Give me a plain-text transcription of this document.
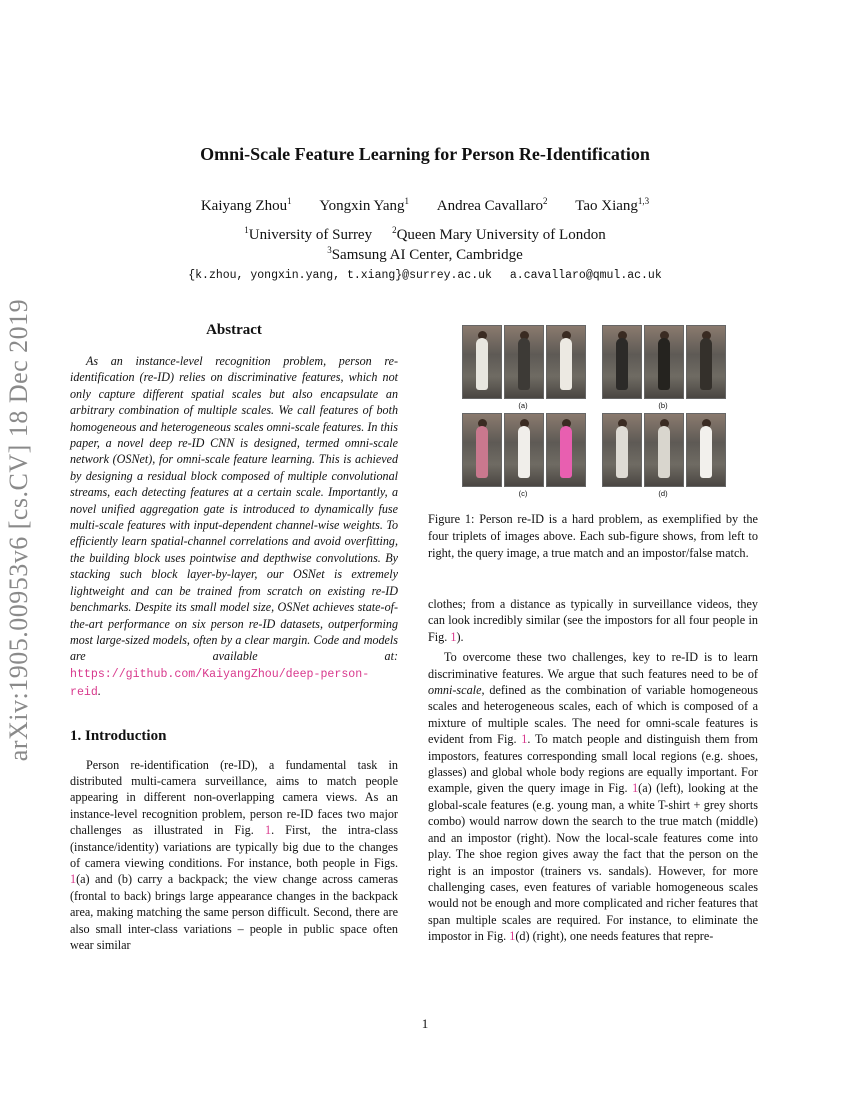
arXiv:1905.00953v6 [cs.CV] 18 Dec 2019
Omni-Scale Feature Learning for Person Re-Identification
Kaiyang Zhou$^1$ Yongxin Yang$^1$ Andrea Cavallaro$^2$ Tao Xiang$^{1,3}$
$^1$University of Surrey $^2$Queen Mary University of London
$^3$Samsung AI Center, Cambridge
{k.zhou, yongxin.yang, t.xiang}@surrey.ac.uk a.cavallaro@qmul.ac.uk
Abstract

As an instance-level recognition problem, person re-identification (re-ID) relies on discriminative features, which not only capture different spatial scales but also encapsulate an arbitrary combination of multiple scales. We call features of both homogeneous and heterogeneous scales omni-scale features. In this paper, a novel deep re-ID CNN is designed, termed omni-scale network (OSNet), for omni-scale feature learning. This is achieved by designing a residual block composed of multiple convolutional streams, each detecting features at a certain scale. Importantly, a novel unified aggregation gate is introduced to dynamically fuse multi-scale features with input-dependent channel-wise weights. To efficiently learn spatial-channel correlations and avoid overfitting, the building block uses pointwise and depthwise convolutions. By stacking such block layer-by-layer, our OSNet is extremely lightweight and can be trained from scratch on existing re-ID benchmarks. Despite its small model size, OSNet achieves state-of-the-art performance on six person re-ID datasets, outperforming most large-sized models, often by a clear margin. Code and models are available at: https://github.com/KaiyangZhou/deep-person-reid.

1. Introduction

Person re-identification (re-ID), a fundamental task in distributed multi-camera surveillance, aims to match people appearing in different non-overlapping camera views. As an instance-level recognition problem, person re-ID faces two major challenges as illustrated in Fig. 1. First, the intra-class (instance/identity) variations are typically big due to the changes of camera viewing conditions. For instance, both people in Figs. 1(a) and (b) carry a backpack; the view change across cameras (frontal to back) brings large appearance changes in the backpack area, making matching the same person difficult. Second, there are also small inter-class variations – people in public space often wear similar

(a)	(b)
(c)	(d)

Figure 1: Person re-ID is a hard problem, as exemplified by the four triplets of images above. Each sub-figure shows, from left to right, the query image, a true match and an impostor/false match.

clothes; from a distance as typically in surveillance videos, they can look incredibly similar (see the impostors for all four people in Fig. 1).

To overcome these two challenges, key to re-ID is to learn discriminative features. We argue that such features need to be of omni-scale, defined as the combination of variable homogeneous scales and heterogeneous scales, each of which is composed of a mixture of multiple scales. The need for omni-scale features is evident from Fig. 1. To match people and distinguish them from impostors, features corresponding small local regions (e.g. shoes, glasses) and global whole body regions are equally important. For example, given the query image in Fig. 1(a) (left), looking at the global-scale features (e.g. young man, a white T-shirt + grey shorts combo) would narrow down the search to the true match (middle) and an impostor (right). Now the local-scale features come into play. The shoe region gives away the fact that the person on the right is an impostor (trainers vs. sandals). However, for more challenging cases, even features of variable homogeneous scales would not be enough and more complicated and richer features that span multiple scales are required. For instance, to eliminate the impostor in Fig. 1(d) (right), one needs features that repre-

1
